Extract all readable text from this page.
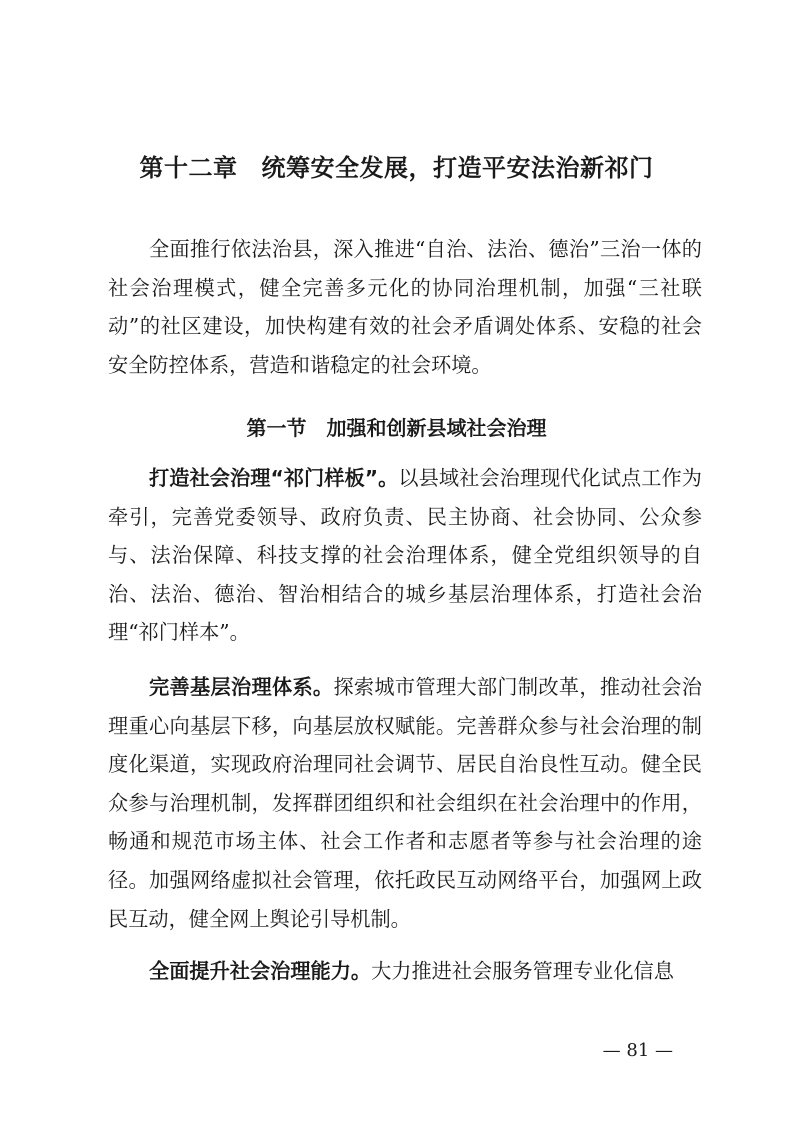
第十二章 统筹安全发展，打造平安法治新祁门

全面推行依法治县，深入推进“自治、法治、德治”三治一体的社会治理模式，健全完善多元化的协同治理机制，加强“三社联动”的社区建设，加快构建有效的社会矛盾调处体系、安稳的社会安全防控体系，营造和谐稳定的社会环境。

第一节 加强和创新县域社会治理

打造社会治理“祁门样板”。以县域社会治理现代化试点工作为牵引，完善党委领导、政府负责、民主协商、社会协同、公众参与、法治保障、科技支撑的社会治理体系，健全党组织领导的自治、法治、德治、智治相结合的城乡基层治理体系，打造社会治理“祁门样本”。

完善基层治理体系。探索城市管理大部门制改革，推动社会治理重心向基层下移，向基层放权赋能。完善群众参与社会治理的制度化渠道，实现政府治理同社会调节、居民自治良性互动。健全民众参与治理机制，发挥群团组织和社会组织在社会治理中的作用，畅通和规范市场主体、社会工作者和志愿者等参与社会治理的途径。加强网络虚拟社会管理，依托政民互动网络平台，加强网上政民互动，健全网上舆论引导机制。

全面提升社会治理能力。大力推进社会服务管理专业化信息

— 81 —
